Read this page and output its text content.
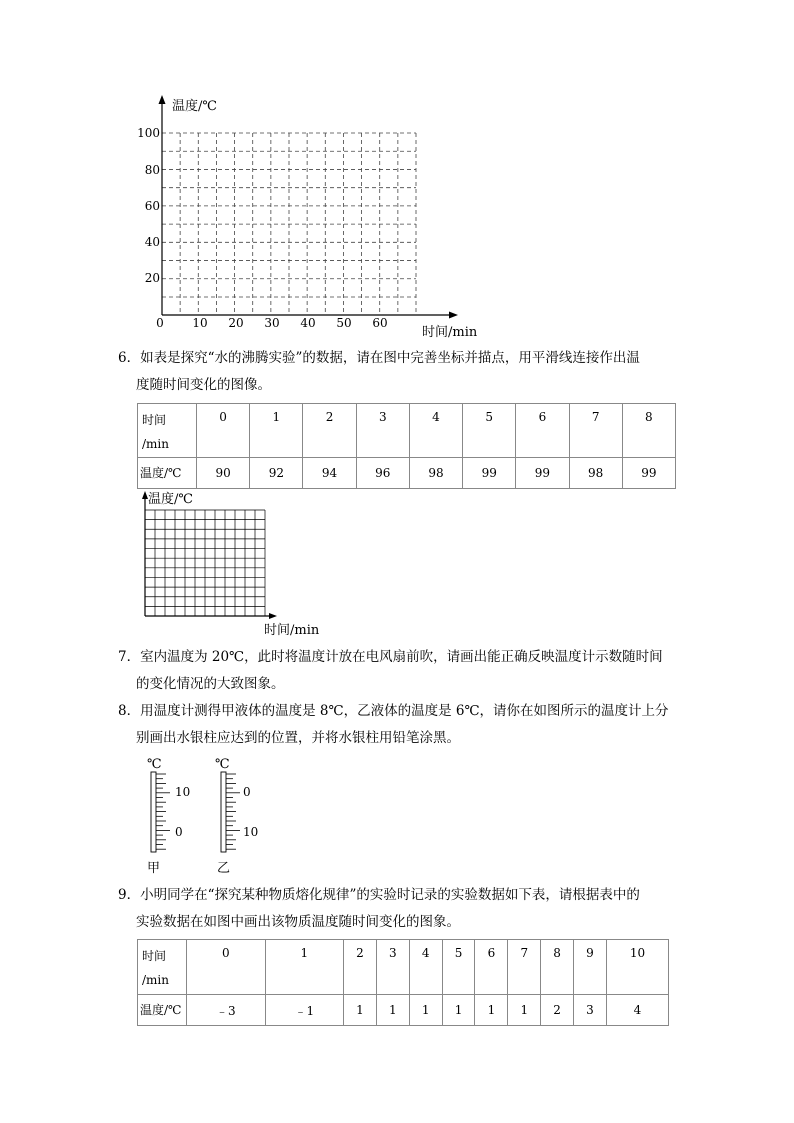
温度/℃
时间/min
100
80
60
40
20
0 10 20 30 40 50 60
6．如表是探究“水的沸腾实验”的数据，请在图中完善坐标并描点，用平滑线连接作出温
度随时间变化的图像。
时间
/min	0	1	2	3	4	5	6	7	8
温度/℃	90	92	94	96	98	99	99	98	99
温度/℃
时间/min
7．室内温度为 20℃，此时将温度计放在电风扇前吹，请画出能正确反映温度计示数随时间
的变化情况的大致图象。
8．用温度计测得甲液体的温度是 8℃，乙液体的温度是 6℃，请你在如图所示的温度计上分
别画出水银柱应达到的位置，并将水银柱用铅笔涂黑。
℃
10
0
甲
℃
0
10
乙
9．小明同学在“探究某种物质熔化规律”的实验时记录的实验数据如下表，请根据表中的
实验数据在如图中画出该物质温度随时间变化的图象。
时间
/min	0	1	2	3	4	5	6	7	8	9	10
温度/℃	﹣3	﹣1	1	1	1	1	1	1	2	3	4
